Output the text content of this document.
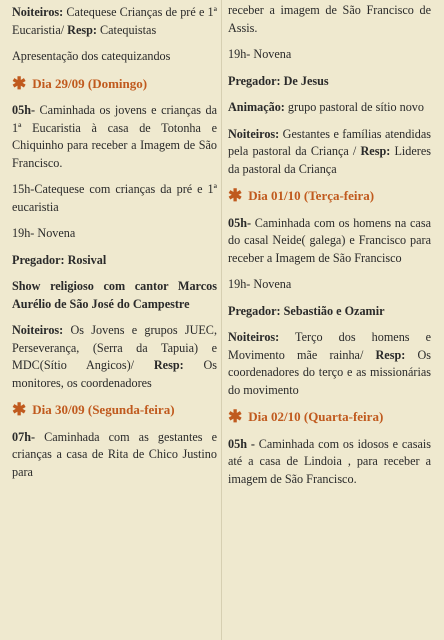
Noiteiros: Catequese Crianças de pré e 1ª Eucaristia/ Resp: Catequistas

Apresentação dos catequizandos

✱ Dia 29/09 (Domingo)

05h- Caminhada os jovens e crianças da 1ª Eucaristia à casa de Totonha e Chiquinho para receber a Imagem de São Francisco.

15h-Catequese com crianças da pré e 1ª eucaristia

19h- Novena

Pregador: Rosival

Show religioso com cantor Marcos Aurélio de São José do Campestre

Noiteiros: Os Jovens e grupos JUEC, Perseverança, (Serra da Tapuia) e MDC(Sítio Angicos)/ Resp: Os monitores, os coordenadores

✱ Dia 30/09 (Segunda-feira)

07h- Caminhada com as gestantes e crianças a casa de Rita de Chico Justino para

receber a imagem de São Francisco de Assis.

19h- Novena

Pregador: De Jesus

Animação: grupo pastoral de sítio novo

Noiteiros: Gestantes e famílias atendidas pela pastoral da Criança / Resp: Lideres da pastoral da Criança

✱ Dia 01/10 (Terça-feira)

05h- Caminhada com os homens na casa do casal Neide( galega) e Francisco para receber a Imagem de São Francisco

19h- Novena

Pregador: Sebastião e Ozamir

Noiteiros: Terço dos homens e Movimento mãe rainha/ Resp: Os coordenadores do terço e as missionárias do movimento

✱ Dia 02/10 (Quarta-feira)

05h - Caminhada com os idosos e casais até a casa de Lindoia , para receber a imagem de São Francisco.
